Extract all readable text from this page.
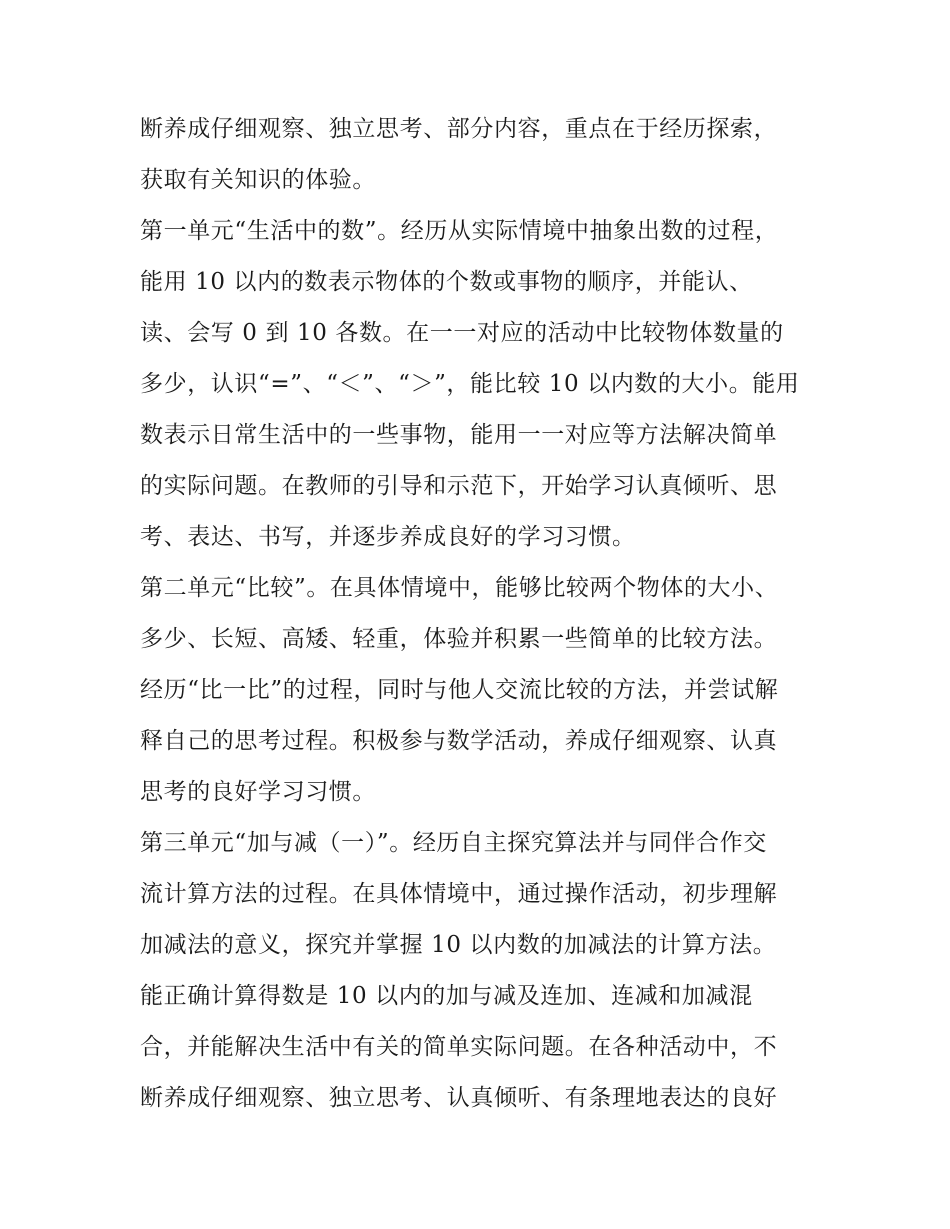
断养成仔细观察、独立思考、部分内容，重点在于经历探索，
获取有关知识的体验。
第一单元“生活中的数”。经历从实际情境中抽象出数的过程，
能用 10 以内的数表示物体的个数或事物的顺序，并能认、
读、会写 0 到 10 各数。在一一对应的活动中比较物体数量的
多少，认识“=”、“＜”、“＞”，能比较 10 以内数的大小。能用
数表示日常生活中的一些事物，能用一一对应等方法解决简单
的实际问题。在教师的引导和示范下，开始学习认真倾听、思
考、表达、书写，并逐步养成良好的学习习惯。
第二单元“比较”。在具体情境中，能够比较两个物体的大小、
多少、长短、高矮、轻重，体验并积累一些简单的比较方法。
经历“比一比”的过程，同时与他人交流比较的方法，并尝试解
释自己的思考过程。积极参与数学活动，养成仔细观察、认真
思考的良好学习习惯。
第三单元“加与减（一）”。经历自主探究算法并与同伴合作交
流计算方法的过程。在具体情境中，通过操作活动，初步理解
加减法的意义，探究并掌握 10 以内数的加减法的计算方法。
能正确计算得数是 10 以内的加与减及连加、连减和加减混
合，并能解决生活中有关的简单实际问题。在各种活动中，不
断养成仔细观察、独立思考、认真倾听、有条理地表达的良好
